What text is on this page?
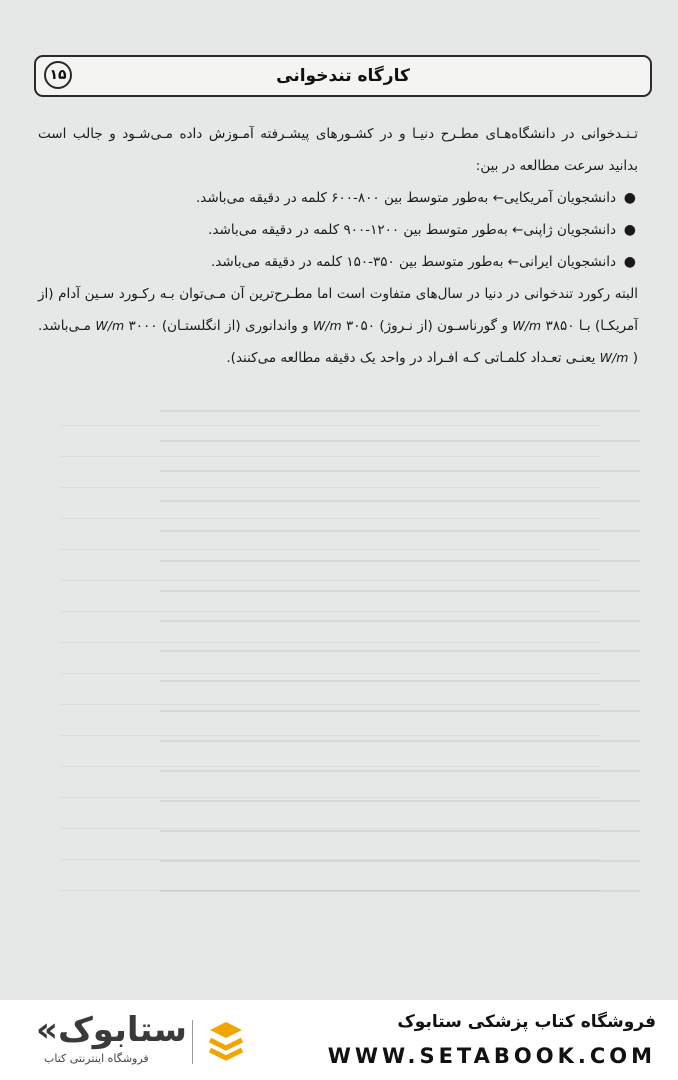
کارگاه تندخوانی
۱۵

تـنـدخوانی در دانشگاه‌هـای مطـرح دنیـا و در کشـورهای پیشـرفته آمـوزش داده مـی‌شـود و جالب است بدانید سرعت مطالعه در بین:

●
دانشجویان آمریکایی← به‌طور متوسط بین ۸۰۰-۶۰۰ کلمه در دقیقه می‌باشد.
●
دانشجویان ژاپنی← به‌طور متوسط بین ۱۲۰۰-۹۰۰ کلمه در دقیقه می‌باشد.
●
دانشجویان ایرانی← به‌طور متوسط بین ۳۵۰-۱۵۰ کلمه در دقیقه می‌باشد.

البته رکورد تندخوانی در دنیا در سال‌های متفاوت است اما مطـرح‌ترین آن مـی‌توان بـه رکـورد سـین آدام (از آمریکـا) بـا ۳۸۵۰ W/m و گورناسـون (از نـروژ) ۳۰۵۰ W/m و واندانوری (از انگلستـان) ۳۰۰۰ W/m مـی‌باشد. ( W/m یعنـی تعـداد کلمـاتی کـه افـراد در واحد یک دقیقه مطالعه می‌کنند).

«ستابوک
فروشگاه اینترنتی کتاب
فروشگاه کتاب پزشکی ستابوک
WWW.SETABOOK.COM
